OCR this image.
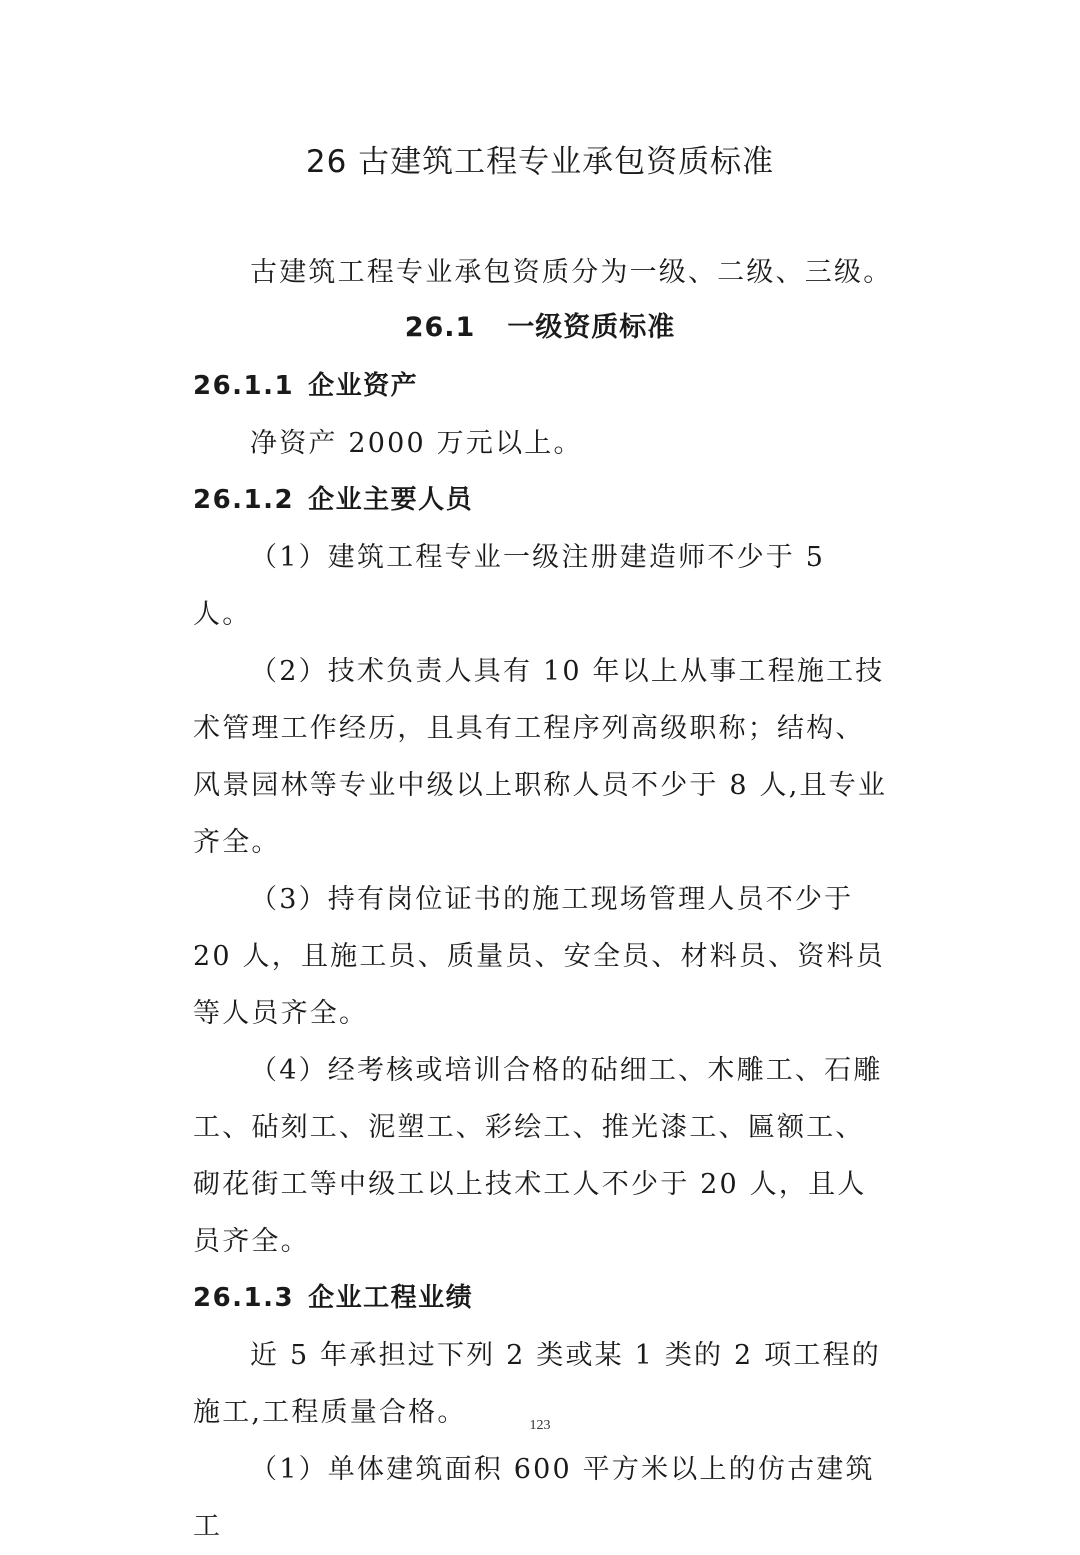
26 古建筑工程专业承包资质标准
古建筑工程专业承包资质分为一级、二级、三级。
26.1 一级资质标准
26.1.1 企业资产

净资产 2000 万元以上。

26.1.2 企业主要人员

（1）建筑工程专业一级注册建造师不少于 5 人。

（2）技术负责人具有 10 年以上从事工程施工技术管理工作经历，且具有工程序列高级职称；结构、风景园林等专业中级以上职称人员不少于 8 人,且专业齐全。

（3）持有岗位证书的施工现场管理人员不少于 20 人，且施工员、质量员、安全员、材料员、资料员等人员齐全。

（4）经考核或培训合格的砧细工、木雕工、石雕工、砧刻工、泥塑工、彩绘工、推光漆工、匾额工、砌花街工等中级工以上技术工人不少于 20 人，且人员齐全。

26.1.3 企业工程业绩

近 5 年承担过下列 2 类或某 1 类的 2 项工程的施工,工程质量合格。

（1）单体建筑面积 600 平方米以上的仿古建筑工

123
